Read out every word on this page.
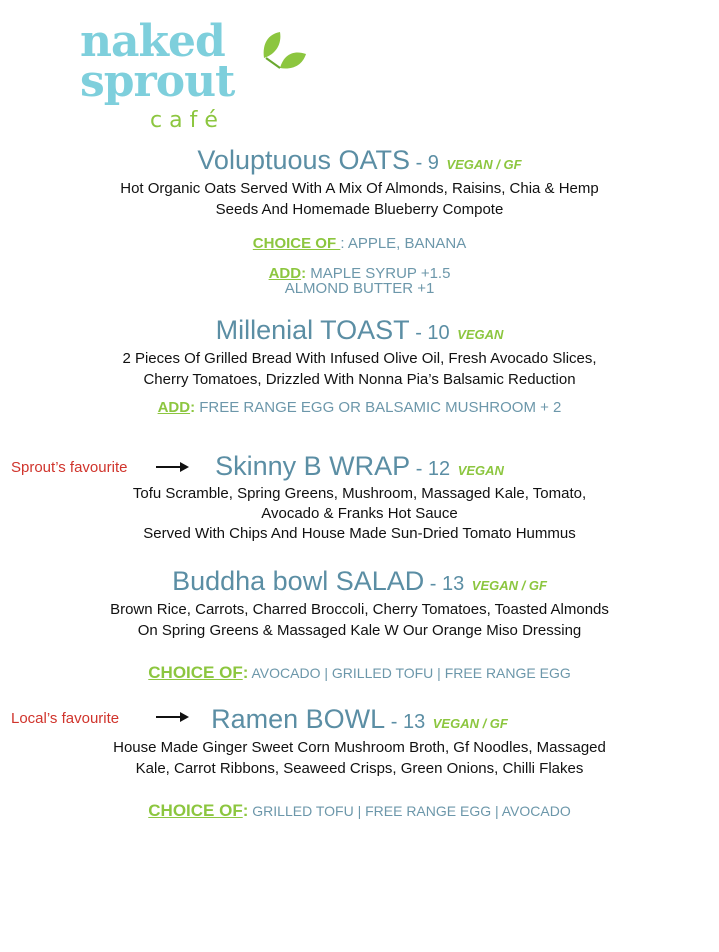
naked
sprout
café
Voluptuous OATS - 9 VEGAN / GF
Hot Organic Oats Served With A Mix Of Almonds, Raisins, Chia & Hemp
Seeds And Homemade Blueberry Compote
CHOICE OF : APPLE, BANANA
ADD: MAPLE SYRUP +1.5
ALMOND BUTTER +1
Millenial TOAST - 10 VEGAN
2 Pieces Of Grilled Bread With Infused Olive Oil, Fresh Avocado Slices,
Cherry Tomatoes, Drizzled With Nonna Pia’s Balsamic Reduction
ADD: FREE RANGE EGG OR BALSAMIC MUSHROOM + 2
Sprout’s favourite	Skinny B WRAP - 12 VEGAN
Tofu Scramble, Spring Greens, Mushroom, Massaged Kale, Tomato,
Avocado & Franks Hot Sauce
Served With Chips And House Made Sun-Dried Tomato Hummus
Buddha bowl SALAD - 13 VEGAN / GF
Brown Rice, Carrots, Charred Broccoli, Cherry Tomatoes, Toasted Almonds
On Spring Greens & Massaged Kale W Our Orange Miso Dressing
CHOICE OF: AVOCADO | GRILLED TOFU | FREE RANGE EGG
Local’s favourite	Ramen BOWL - 13 VEGAN / GF
House Made Ginger Sweet Corn Mushroom Broth, Gf Noodles, Massaged
Kale, Carrot Ribbons, Seaweed Crisps, Green Onions, Chilli Flakes
CHOICE OF: GRILLED TOFU | FREE RANGE EGG | AVOCADO
